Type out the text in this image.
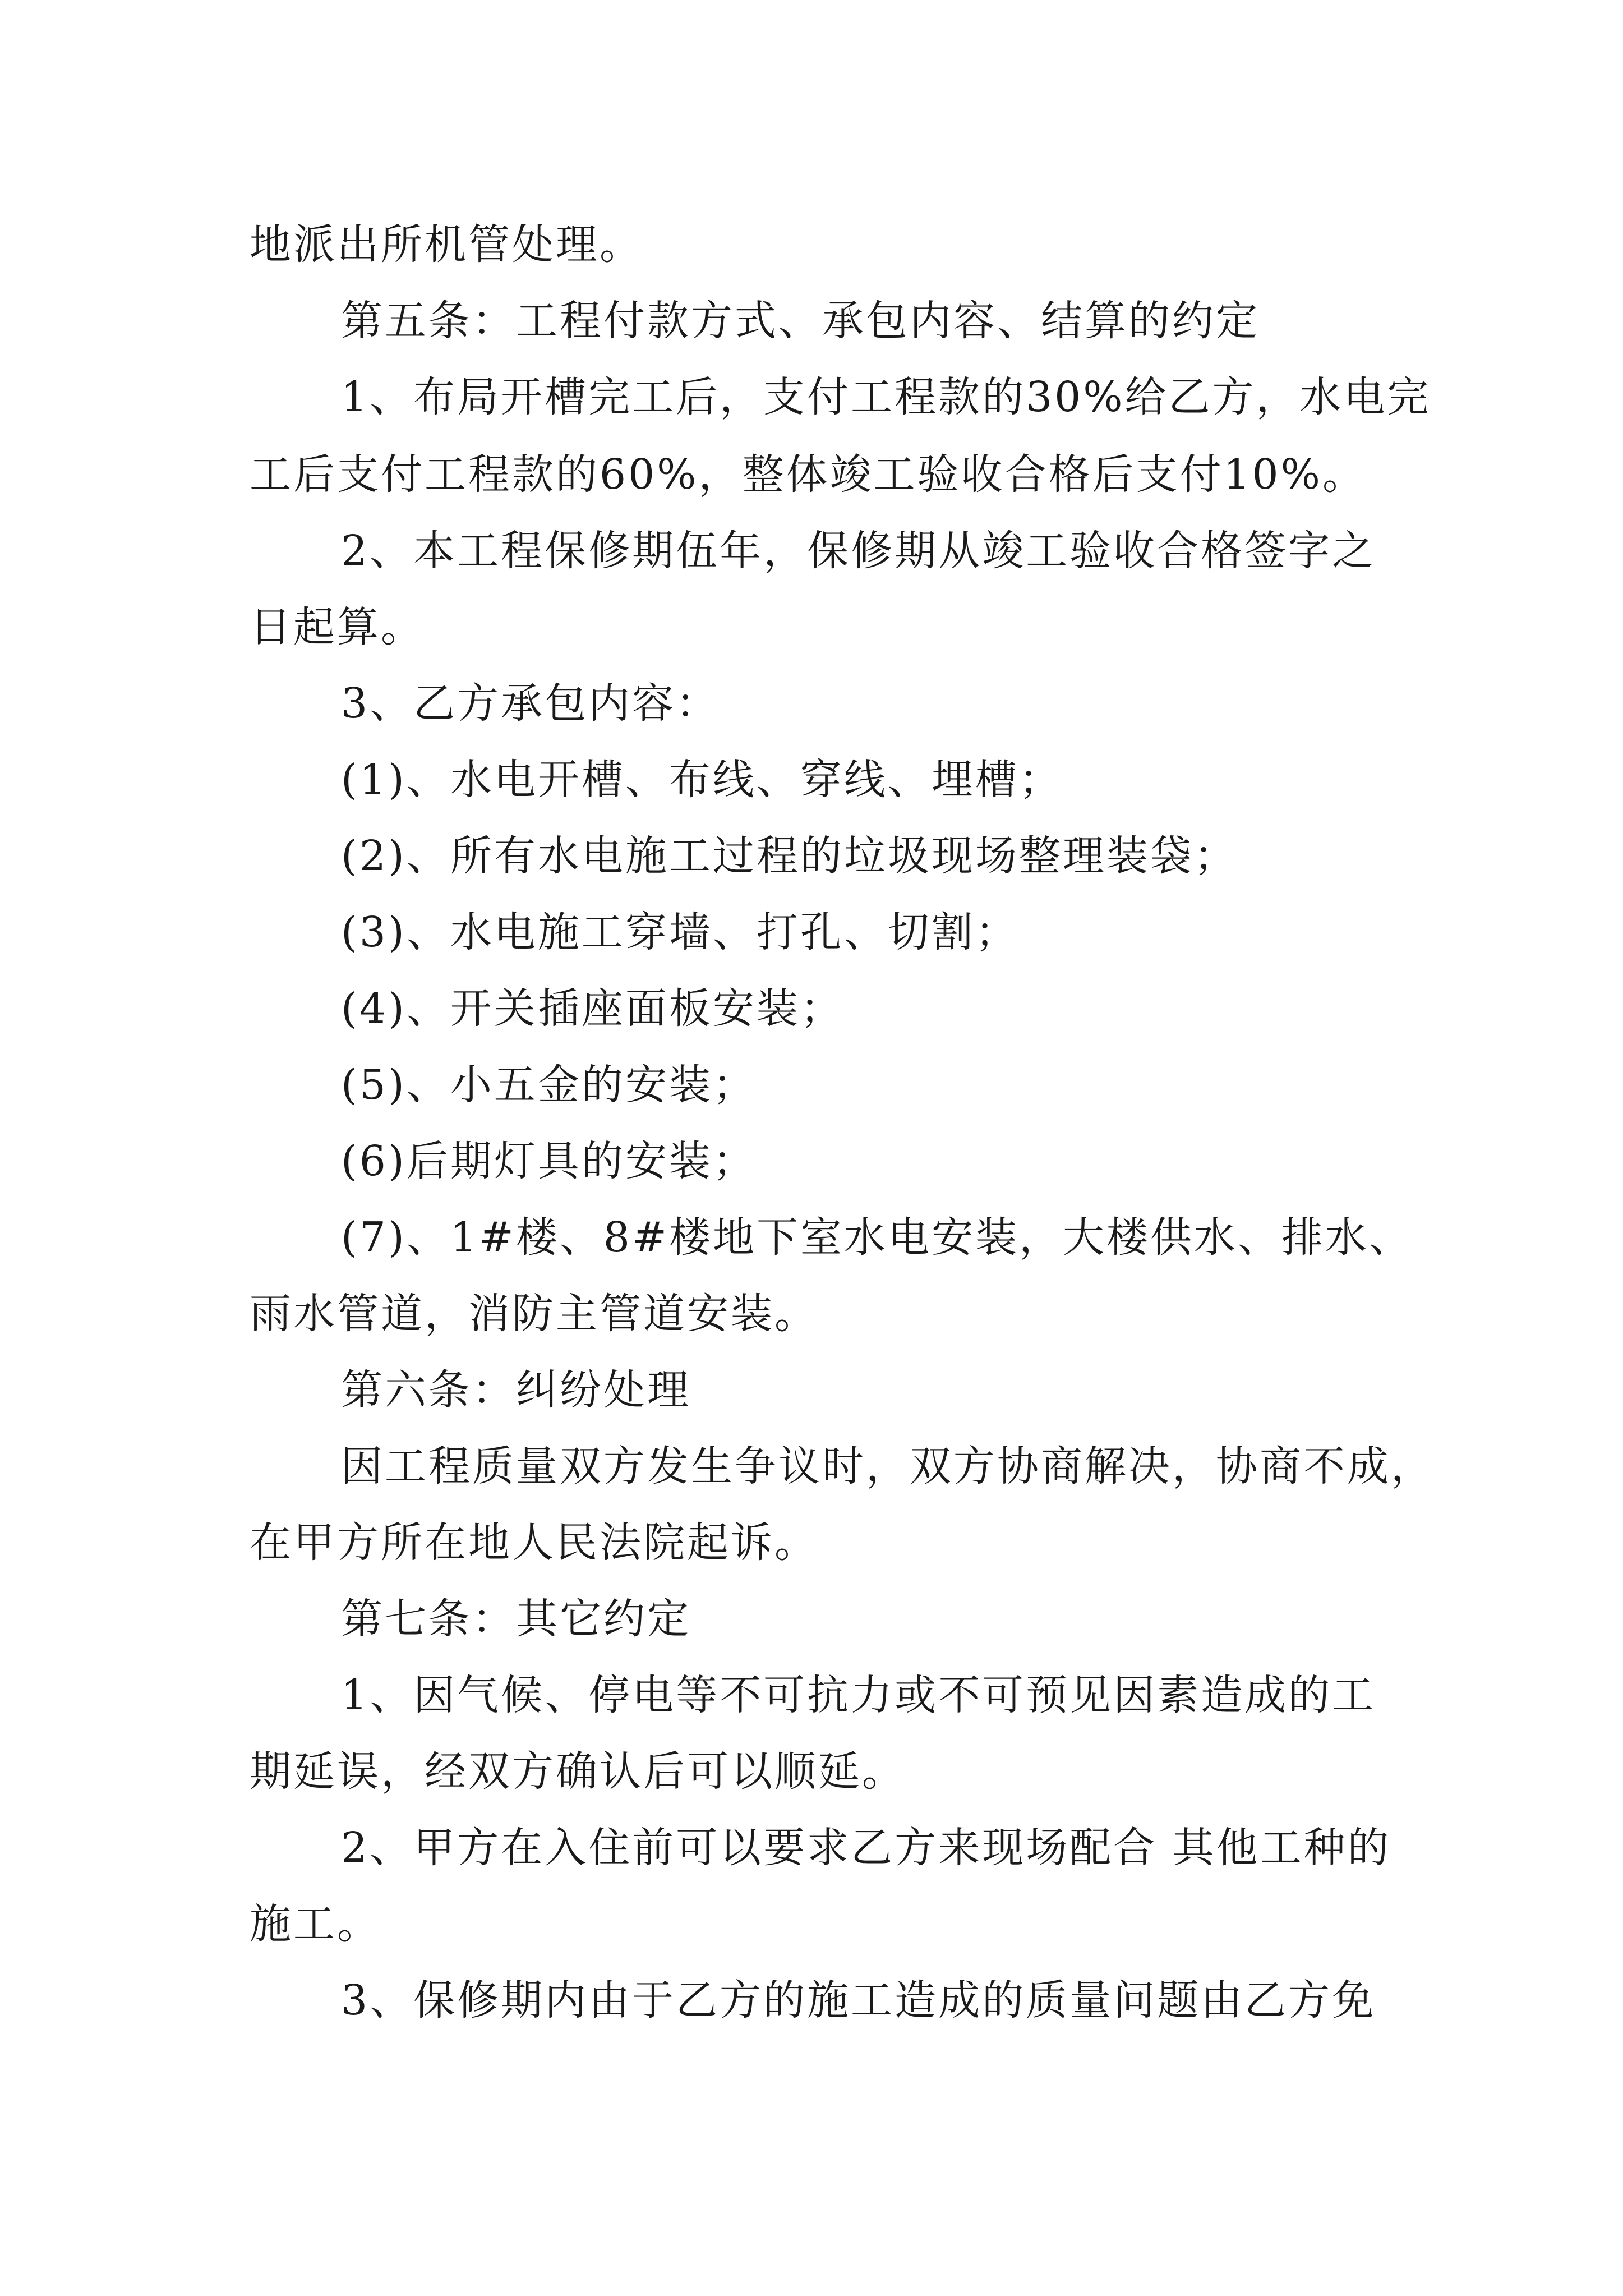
地派出所机管处理。
第五条：工程付款方式、承包内容、结算的约定
1、布局开槽完工后，支付工程款的30%给乙方，水电完
工后支付工程款的60%，整体竣工验收合格后支付10%。
2、本工程保修期伍年，保修期从竣工验收合格签字之
日起算。
3、乙方承包内容：
(1)、水电开槽、布线、穿线、埋槽；
(2)、所有水电施工过程的垃圾现场整理装袋；
(3)、水电施工穿墙、打孔、切割；
(4)、开关插座面板安装；
(5)、小五金的安装；
(6)后期灯具的安装；
(7)、1#楼、8#楼地下室水电安装，大楼供水、排水、
雨水管道，消防主管道安装。
第六条：纠纷处理
因工程质量双方发生争议时，双方协商解决，协商不成，
在甲方所在地人民法院起诉。
第七条：其它约定
1、因气候、停电等不可抗力或不可预见因素造成的工
期延误，经双方确认后可以顺延。
2、甲方在入住前可以要求乙方来现场配合 其他工种的
施工。
3、保修期内由于乙方的施工造成的质量问题由乙方免
